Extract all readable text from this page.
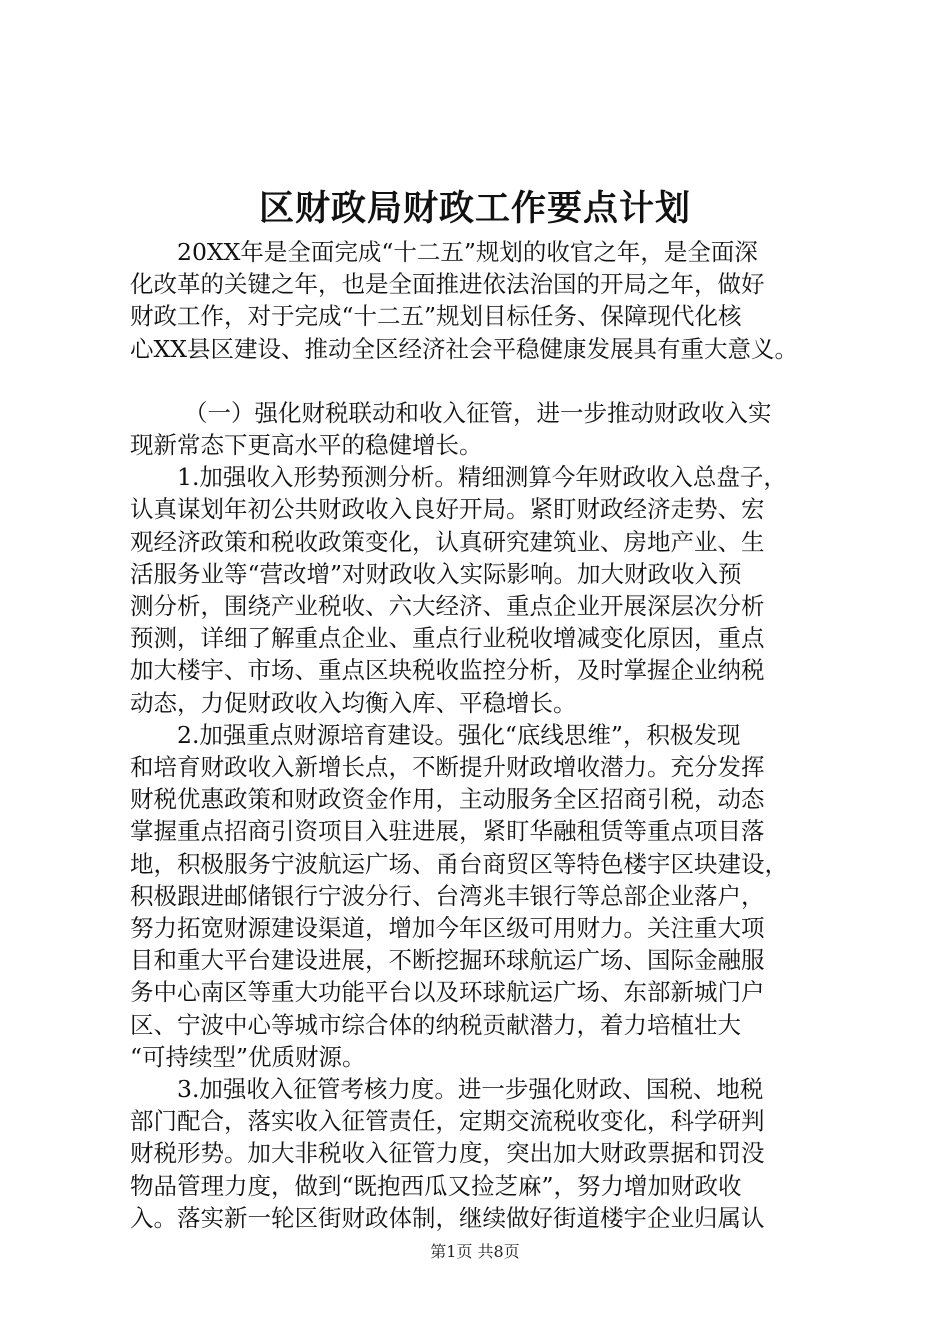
区财政局财政工作要点计划
20XX年是全面完成“十二五”规划的收官之年，是全面深
化改革的关键之年，也是全面推进依法治国的开局之年，做好
财政工作，对于完成“十二五”规划目标任务、保障现代化核
心XX县区建设、推动全区经济社会平稳健康发展具有重大意义。
（一）强化财税联动和收入征管，进一步推动财政收入实
现新常态下更高水平的稳健增长。
1.加强收入形势预测分析。精细测算今年财政收入总盘子，
认真谋划年初公共财政收入良好开局。紧盯财政经济走势、宏
观经济政策和税收政策变化，认真研究建筑业、房地产业、生
活服务业等“营改增”对财政收入实际影响。加大财政收入预
测分析，围绕产业税收、六大经济、重点企业开展深层次分析
预测，详细了解重点企业、重点行业税收增减变化原因，重点
加大楼宇、市场、重点区块税收监控分析，及时掌握企业纳税
动态，力促财政收入均衡入库、平稳增长。
2.加强重点财源培育建设。强化“底线思维”，积极发现
和培育财政收入新增长点，不断提升财政增收潜力。充分发挥
财税优惠政策和财政资金作用，主动服务全区招商引税，动态
掌握重点招商引资项目入驻进展，紧盯华融租赁等重点项目落
地，积极服务宁波航运广场、甬台商贸区等特色楼宇区块建设，
积极跟进邮储银行宁波分行、台湾兆丰银行等总部企业落户，
努力拓宽财源建设渠道，增加今年区级可用财力。关注重大项
目和重大平台建设进展，不断挖掘环球航运广场、国际金融服
务中心南区等重大功能平台以及环球航运广场、东部新城门户
区、宁波中心等城市综合体的纳税贡献潜力，着力培植壮大
“可持续型”优质财源。
3.加强收入征管考核力度。进一步强化财政、国税、地税
部门配合，落实收入征管责任，定期交流税收变化，科学研判
财税形势。加大非税收入征管力度，突出加大财政票据和罚没
物品管理力度，做到“既抱西瓜又捡芝麻”，努力增加财政收
入。落实新一轮区街财政体制，继续做好街道楼宇企业归属认
第1页 共8页
